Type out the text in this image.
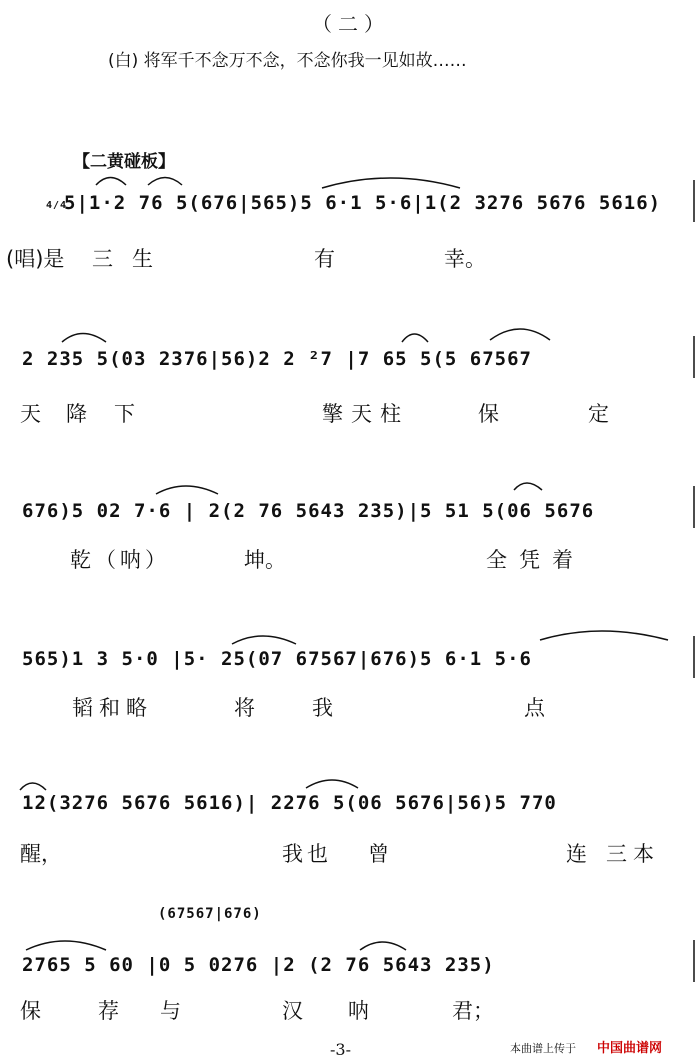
（二）
(白) 将军千不念万不念，不念你我一见如故……
【二黄碰板】
4/4
5|1·2 76 5(676|565)5 6·1 5·6|1(2 3276 5676 5616)
(唱)是 三 生	有	幸。
2 235 5(03 2376|56)2 2 ²7 |7 65 5(5 67567
天 降 下	擎天柱	保	定
676)5 02 7·6 | 2(2 76 5643 235)|5 51 5(06 5676
乾（呐）	坤。	全凭着
565)1 3 5·0 |5· 25(07 67567|676)5 6·1 5·6
韬和略	将	我	点
12(3276 5676 5616)| 2276 5(06 5676|56)5 770
醒，	我也 曾	连 三本
(67567|676)
2765 5 60 |0 5 0276 |2 (2 76 5643 235)
保	荐 与	汉 呐	君；
-3-	本曲谱上传于 中国曲谱网
